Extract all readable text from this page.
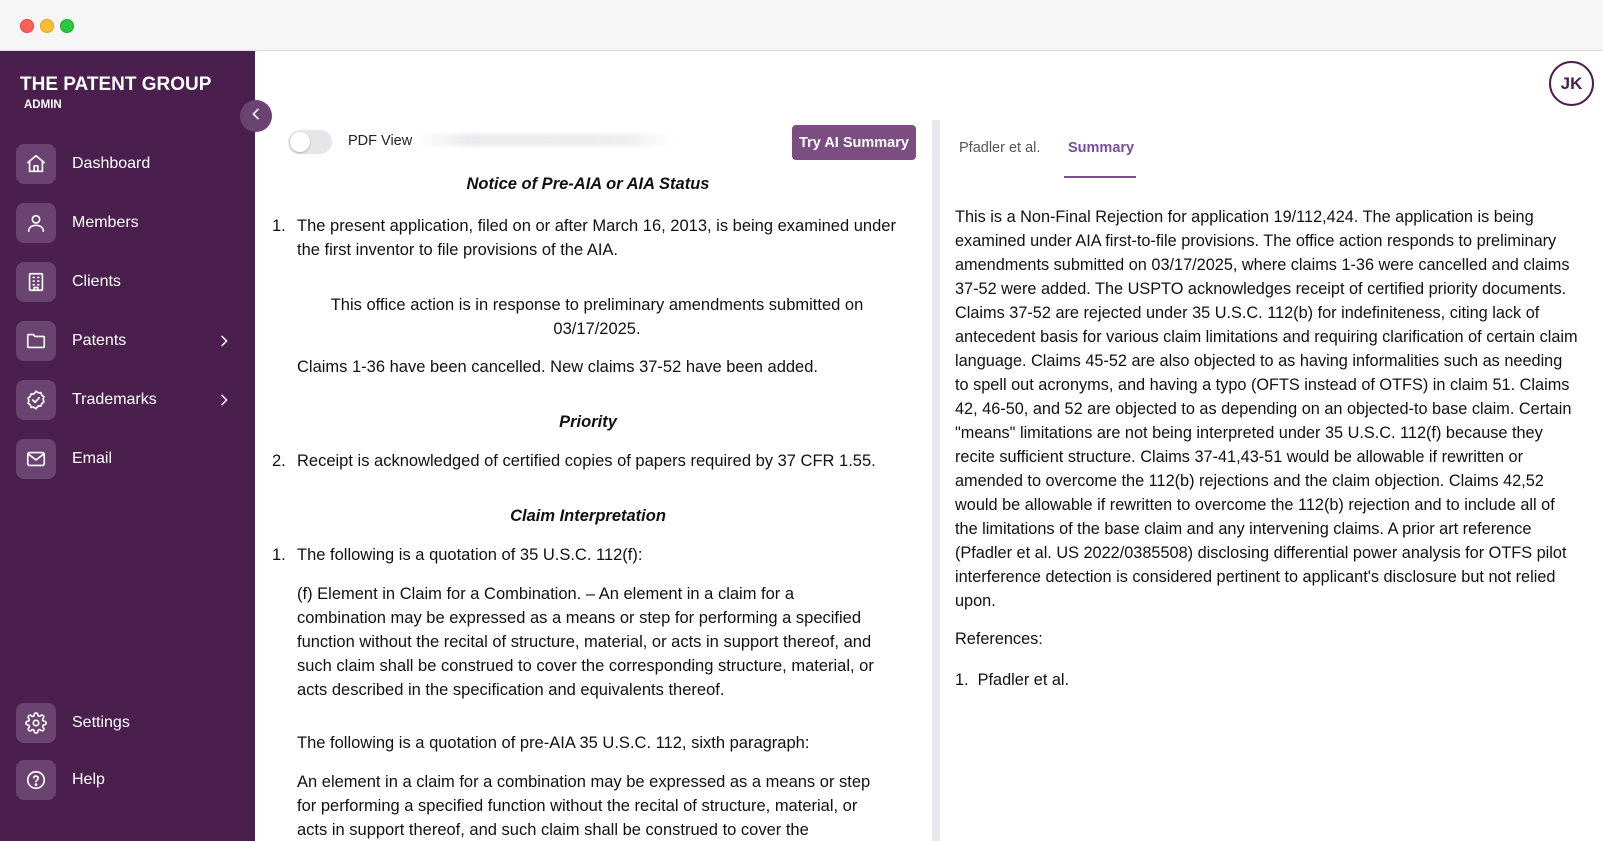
THE PATENT GROUP
ADMIN
Dashboard
Members
Clients
Patents
Trademarks
Email
Settings
Help
JK
PDF View	Try AI Summary
Notice of Pre-AIA or AIA Status
1. The present application, filed on or after March 16, 2013, is being examined under the first inventor to file provisions of the AIA.
This office action is in response to preliminary amendments submitted on 03/17/2025.
Claims 1-36 have been cancelled. New claims 37-52 have been added.
Priority
2. Receipt is acknowledged of certified copies of papers required by 37 CFR 1.55.
Claim Interpretation
1. The following is a quotation of 35 U.S.C. 112(f):
(f) Element in Claim for a Combination. – An element in a claim for a combination may be expressed as a means or step for performing a specified function without the recital of structure, material, or acts in support thereof, and such claim shall be construed to cover the corresponding structure, material, or acts described in the specification and equivalents thereof.
The following is a quotation of pre-AIA 35 U.S.C. 112, sixth paragraph:
An element in a claim for a combination may be expressed as a means or step for performing a specified function without the recital of structure, material, or acts in support thereof, and such claim shall be construed to cover the
Pfadler et al. Summary
This is a Non-Final Rejection for application 19/112,424. The application is being examined under AIA first-to-file provisions. The office action responds to preliminary amendments submitted on 03/17/2025, where claims 1-36 were cancelled and claims 37-52 were added. The USPTO acknowledges receipt of certified priority documents. Claims 37-52 are rejected under 35 U.S.C. 112(b) for indefiniteness, citing lack of antecedent basis for various claim limitations and requiring clarification of certain claim language. Claims 45-52 are also objected to as having informalities such as needing to spell out acronyms, and having a typo (OFTS instead of OTFS) in claim 51. Claims 42, 46-50, and 52 are objected to as depending on an objected-to base claim. Certain "means" limitations are not being interpreted under 35 U.S.C. 112(f) because they recite sufficient structure. Claims 37-41,43-51 would be allowable if rewritten or amended to overcome the 112(b) rejections and the claim objection. Claims 42,52 would be allowable if rewritten to overcome the 112(b) rejection and to include all of the limitations of the base claim and any intervening claims. A prior art reference (Pfadler et al. US 2022/0385508) disclosing differential power analysis for OTFS pilot interference detection is considered pertinent to applicant's disclosure but not relied upon.
References:
1. Pfadler et al.
